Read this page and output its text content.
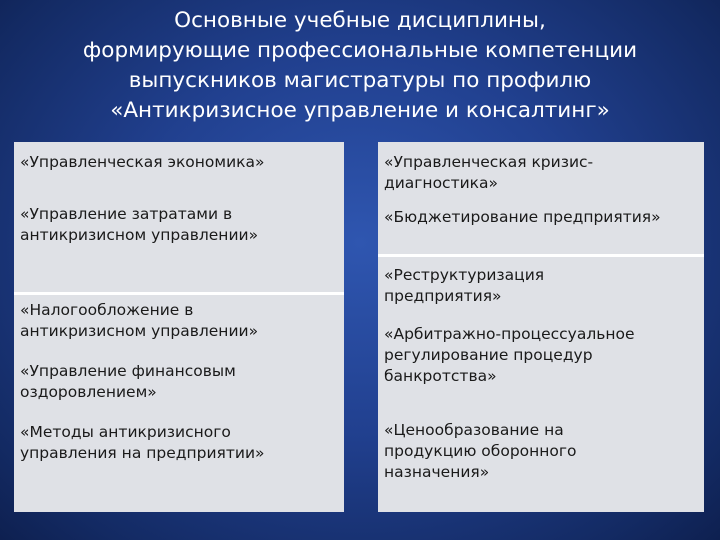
Основные учебные дисциплины,
формирующие профессиональные компетенции
выпускников магистратуры по профилю
«Антикризисное управление и консалтинг»
«Управленческая экономика»
«Управление затратами в
антикризисном управлении»
«Налогообложение в
антикризисном управлении»
«Управление финансовым
оздоровлением»
«Методы антикризисного
управления на предприятии»
«Управленческая кризис-
диагностика»
«Бюджетирование предприятия»
«Реструктуризация
предприятия»
«Арбитражно-процессуальное
регулирование процедур
банкротства»
«Ценообразование на
продукцию оборонного
назначения»
